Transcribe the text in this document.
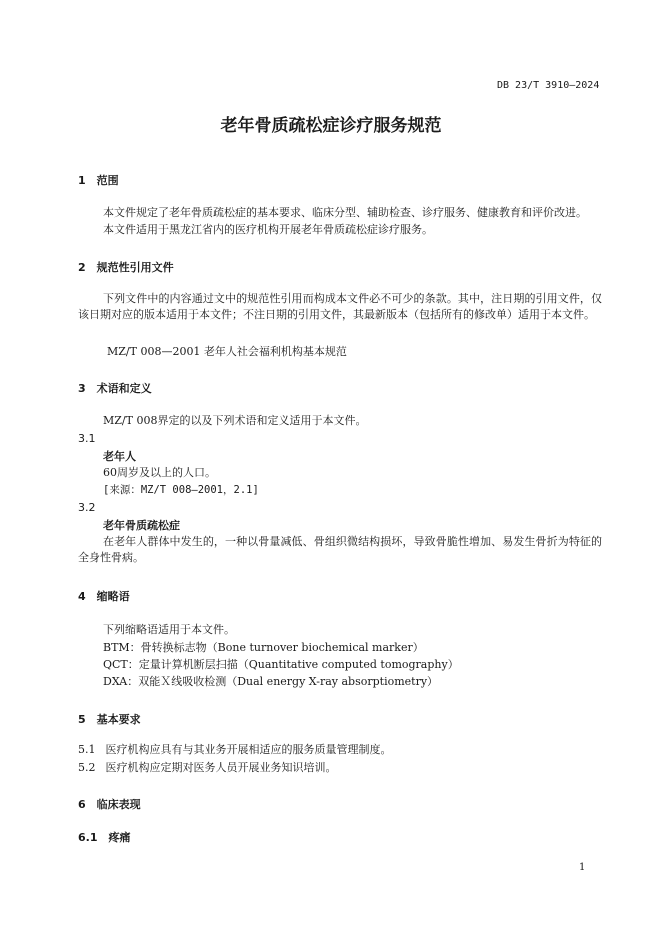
DB 23/T 3910—2024
老年骨质疏松症诊疗服务规范
1 范围
本文件规定了老年骨质疏松症的基本要求、临床分型、辅助检查、诊疗服务、健康教育和评价改进。
本文件适用于黑龙江省内的医疗机构开展老年骨质疏松症诊疗服务。
2 规范性引用文件
下列文件中的内容通过文中的规范性引用而构成本文件必不可少的条款。其中，注日期的引用文件，仅该日期对应的版本适用于本文件；不注日期的引用文件，其最新版本（包括所有的修改单）适用于本文件。
MZ/T 008—2001 老年人社会福利机构基本规范
3 术语和定义
MZ/T 008界定的以及下列术语和定义适用于本文件。
3.1
老年人
60周岁及以上的人口。
[来源：MZ/T 008—2001，2.1]
3.2
老年骨质疏松症
在老年人群体中发生的，一种以骨量减低、骨组织微结构损坏，导致骨脆性增加、易发生骨折为特征的全身性骨病。
4 缩略语
下列缩略语适用于本文件。
BTM：骨转换标志物（Bone turnover biochemical marker）
QCT：定量计算机断层扫描（Quantitative computed tomography）
DXA：双能Ｘ线吸收检测（Dual energy X-ray absorptiometry）
5 基本要求
5.1 医疗机构应具有与其业务开展相适应的服务质量管理制度。
5.2 医疗机构应定期对医务人员开展业务知识培训。
6 临床表现
6.1 疼痛
1
